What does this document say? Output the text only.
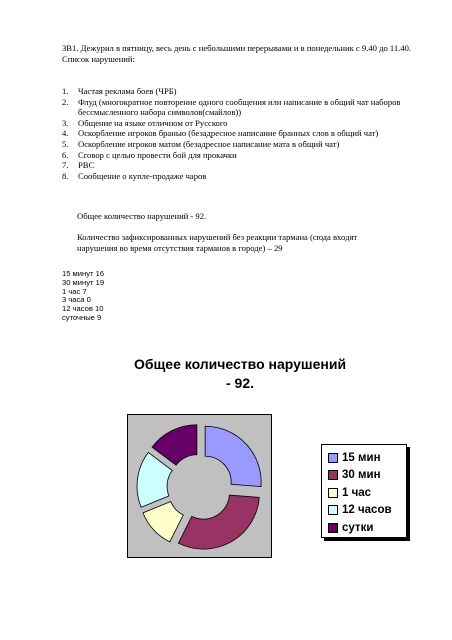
ЗВ1. Дежурил в пятницу, весь день с небольшими перерывами и в понедельник с 9.40 до 11.40.
Список нарушений:
1. Частая реклама боев (ЧРБ)
2. Флуд (многократное повторение одного сообщения или написание в общий чат наборов бессмысленного набора символов(смайлов))
3. Общение на языке отличном от Русского
4. Оскорбление игроков бранью (безадресное написание бранных слов в общий чат)
5. Оскорбление игроков матом (безадресное написание мата в общий чат)
6. Сговор с целью провести бой для прокачки
7. РВС
8. Сообщение о купле-продаже чаров
Общее количество нарушений - 92.
Количество зафиксированных нарушений без реакции тармана (сюда входят нарушения во время отсутствия тарманов в городе) – 29
15 минут 16
30 минут 19
1 час 7
3 часа 0
12 часов 10
суточные 9
Общее количество нарушений - 92.
15 мин
30 мин
1 час
12 часов
сутки
